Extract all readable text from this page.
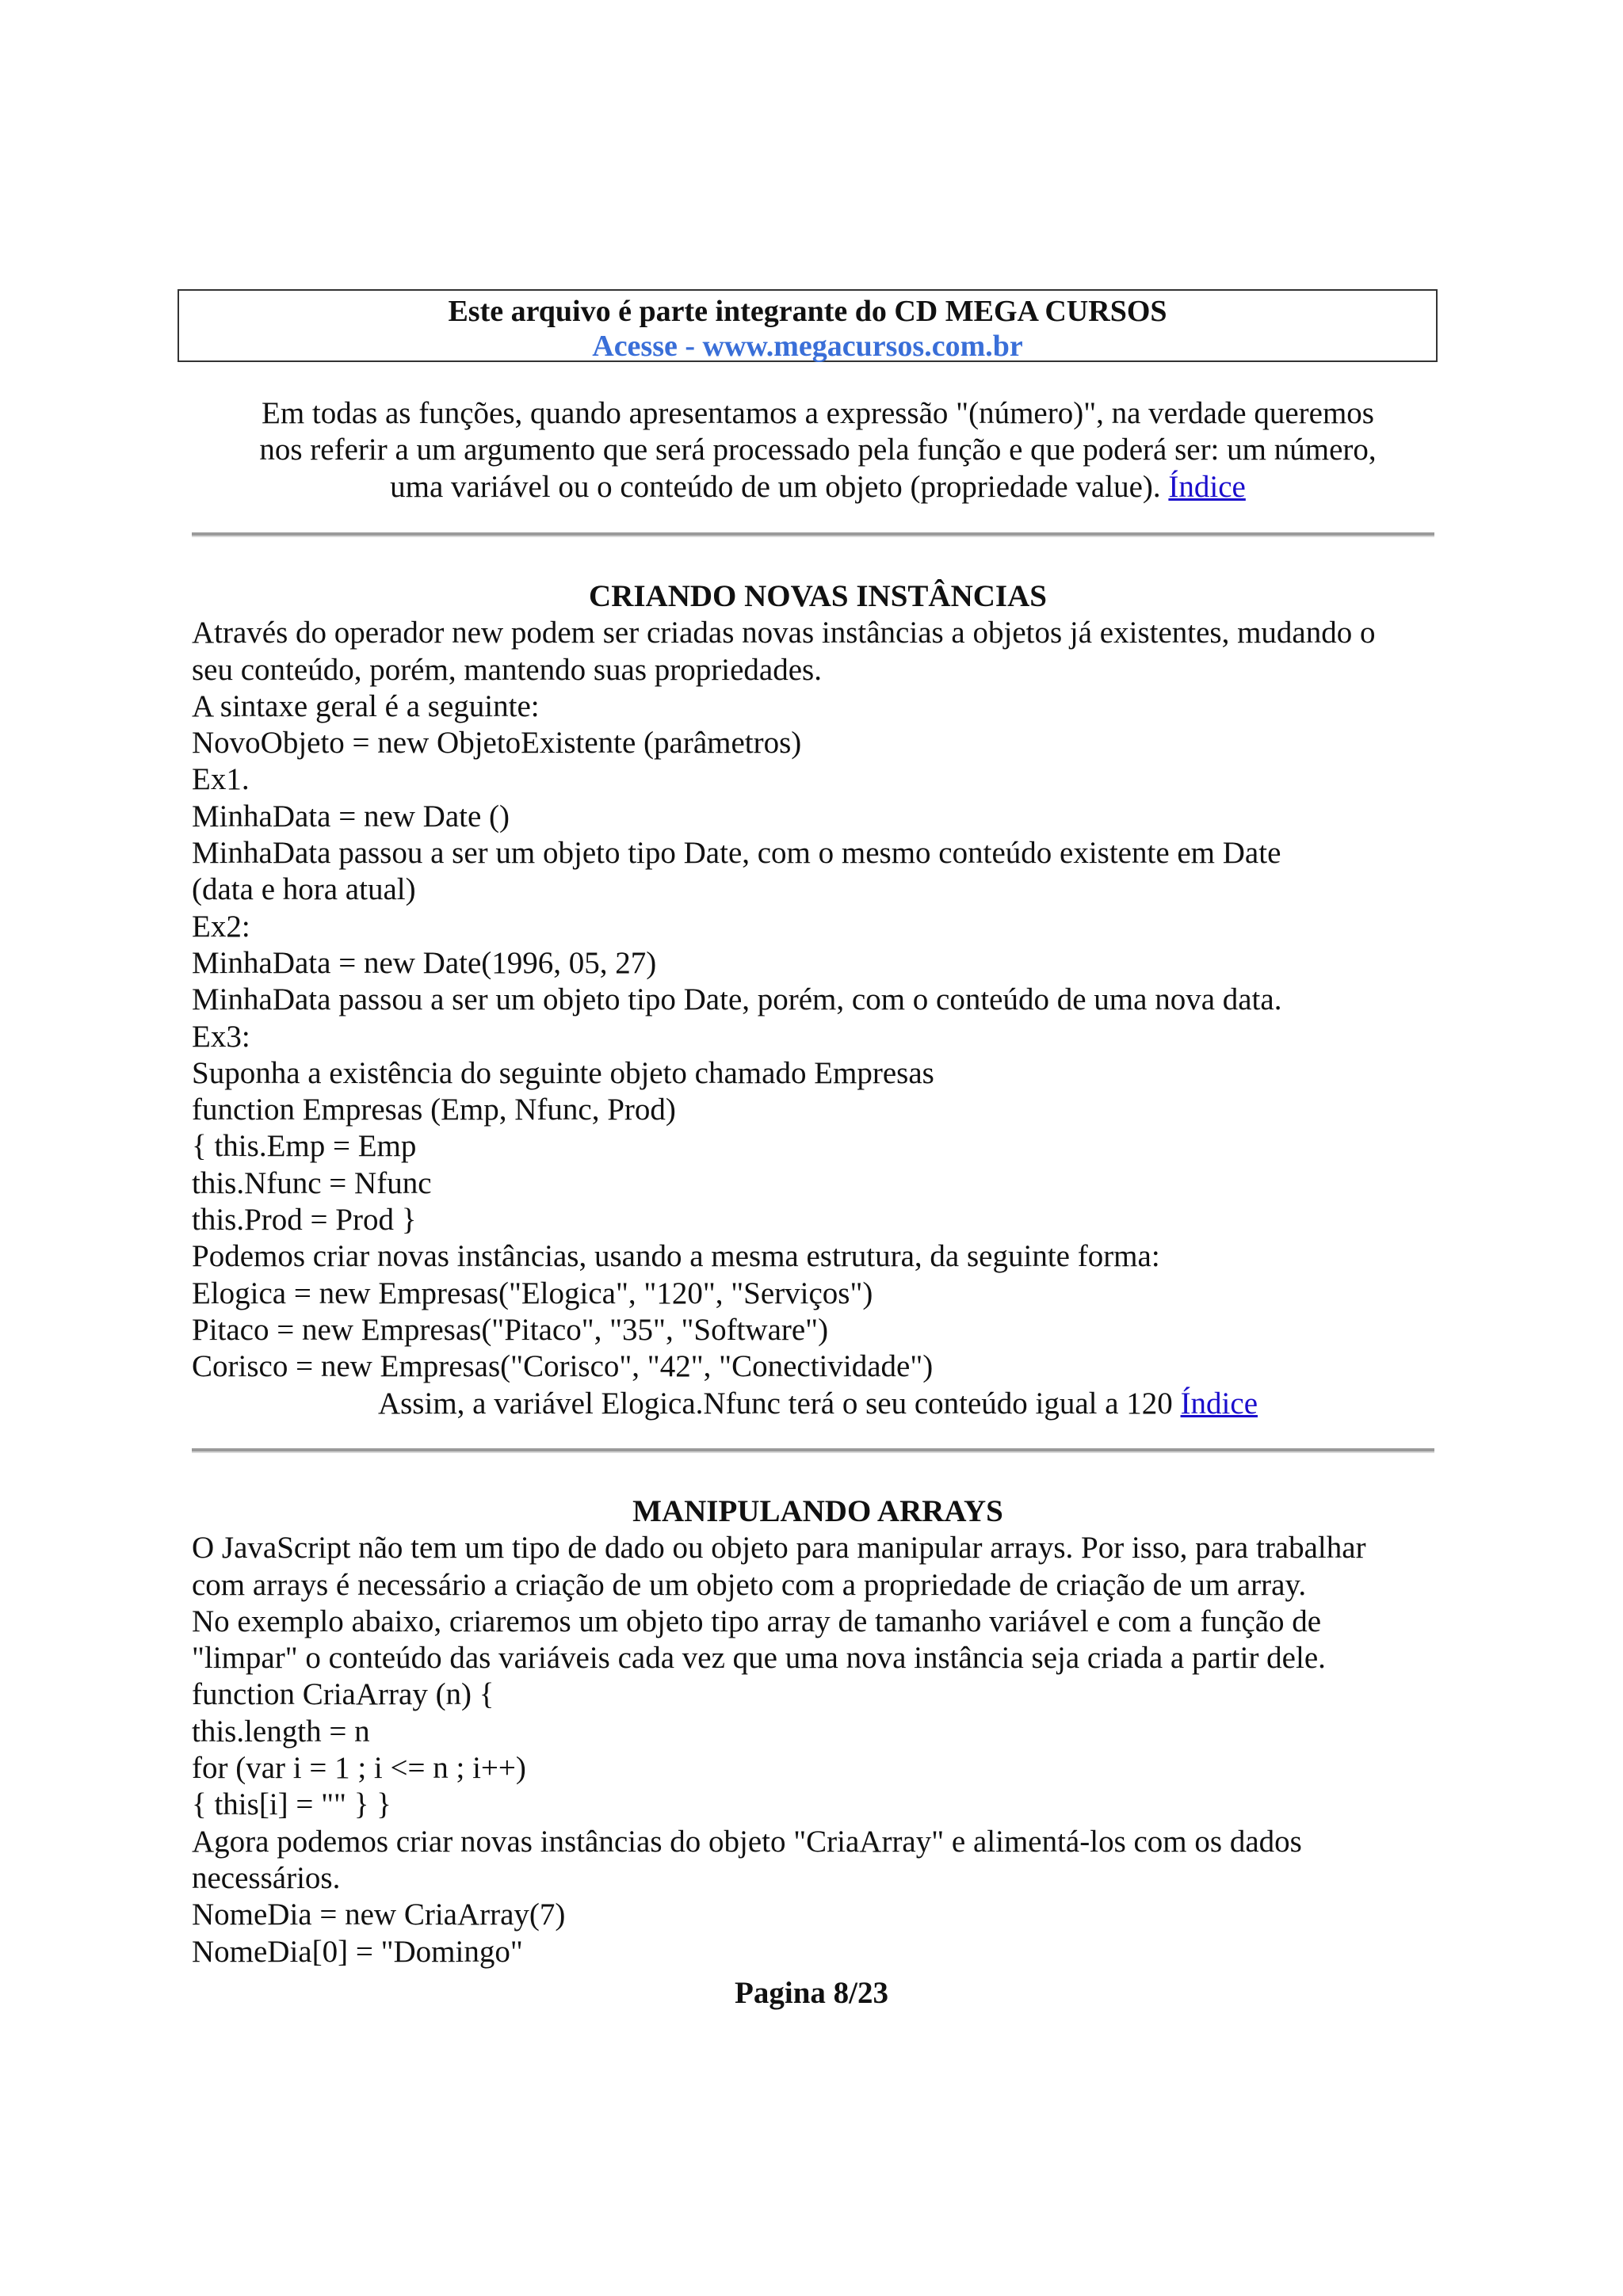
Este arquivo é parte integrante do CD MEGA CURSOS
Acesse - www.megacursos.com.br
Em todas as funções, quando apresentamos a expressão "(número)", na verdade queremos
nos referir a um argumento que será processado pela função e que poderá ser: um número,
uma variável ou o conteúdo de um objeto (propriedade value). Índice
CRIANDO NOVAS INSTÂNCIAS
Através do operador new podem ser criadas novas instâncias a objetos já existentes, mudando o
seu conteúdo, porém, mantendo suas propriedades.
A sintaxe geral é a seguinte:
NovoObjeto = new ObjetoExistente (parâmetros)
Ex1.
MinhaData = new Date ()
MinhaData passou a ser um objeto tipo Date, com o mesmo conteúdo existente em Date
(data e hora atual)
Ex2:
MinhaData = new Date(1996, 05, 27)
MinhaData passou a ser um objeto tipo Date, porém, com o conteúdo de uma nova data.
Ex3:
Suponha a existência do seguinte objeto chamado Empresas
function Empresas (Emp, Nfunc, Prod)
{ this.Emp = Emp
this.Nfunc = Nfunc
this.Prod = Prod }
Podemos criar novas instâncias, usando a mesma estrutura, da seguinte forma:
Elogica = new Empresas("Elogica", "120", "Serviços")
Pitaco = new Empresas("Pitaco", "35", "Software")
Corisco = new Empresas("Corisco", "42", "Conectividade")
Assim, a variável Elogica.Nfunc terá o seu conteúdo igual a 120 Índice
MANIPULANDO ARRAYS
O JavaScript não tem um tipo de dado ou objeto para manipular arrays. Por isso, para trabalhar
com arrays é necessário a criação de um objeto com a propriedade de criação de um array.
No exemplo abaixo, criaremos um objeto tipo array de tamanho variável e com a função de
"limpar" o conteúdo das variáveis cada vez que uma nova instância seja criada a partir dele.
function CriaArray (n) {
this.length = n
for (var i = 1 ; i <= n ; i++)
{ this[i] = "" } }
Agora podemos criar novas instâncias do objeto "CriaArray" e alimentá-los com os dados
necessários.
NomeDia = new CriaArray(7)
NomeDia[0] = "Domingo"
Pagina 8/23
